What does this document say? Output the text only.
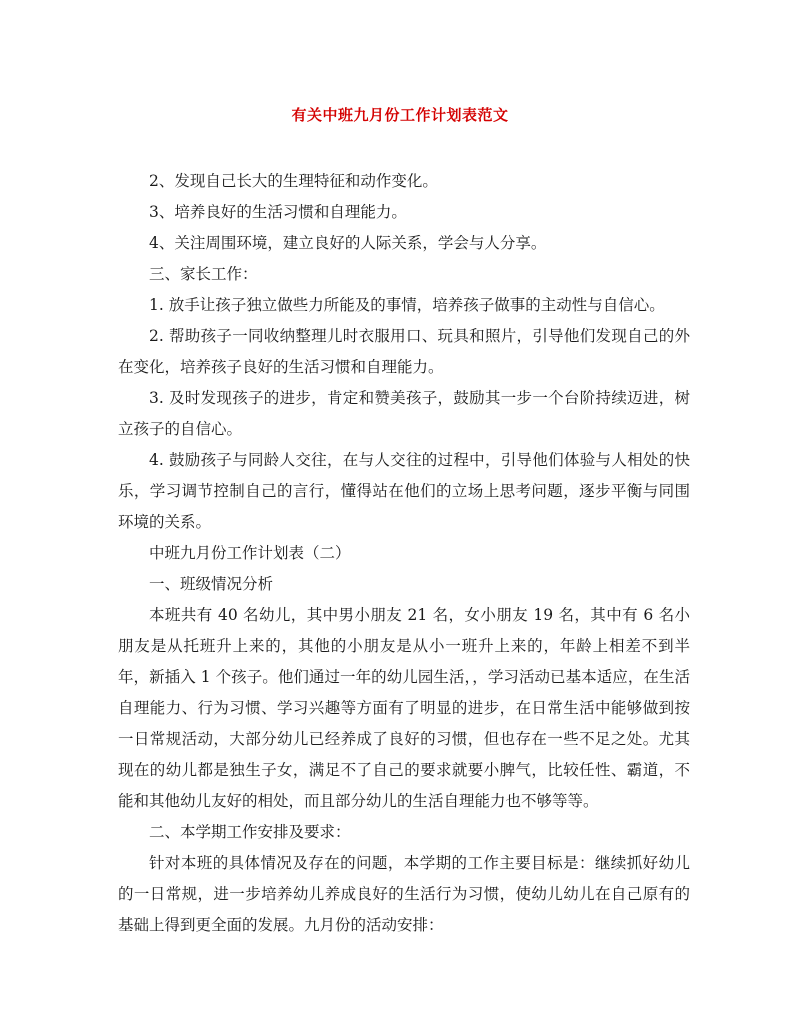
有关中班九月份工作计划表范文

2、发现自己长大的生理特征和动作变化。

3、培养良好的生活习惯和自理能力。

4、关注周围环境，建立良好的人际关系，学会与人分享。

三、家长工作：

1. 放手让孩子独立做些力所能及的事情，培养孩子做事的主动性与自信心。

2. 帮助孩子一同收纳整理儿时衣服用口、玩具和照片，引导他们发现自己的外在变化，培养孩子良好的生活习惯和自理能力。

3. 及时发现孩子的进步，肯定和赞美孩子，鼓励其一步一个台阶持续迈进，树 立孩子的自信心。

4. 鼓励孩子与同龄人交往，在与人交往的过程中，引导他们体验与人相处的快乐，学习调节控制自己的言行，懂得站在他们的立场上思考问题，逐步平衡与同围环境的关系。

中班九月份工作计划表（二）

一、班级情况分析

本班共有 40 名幼儿，其中男小朋友 21 名，女小朋友 19 名，其中有 6 名小朋友是从托班升上来的，其他的小朋友是从小一班升上来的，年龄上相差不到半年，新插入 1 个孩子。他们通过一年的幼儿园生活，，学习活动已基本适应，在生活自理能力、行为习惯、学习兴趣等方面有了明显的进步，在日常生活中能够做到按一日常规活动，大部分幼儿已经养成了良好的习惯，但也存在一些不足之处。尤其现在的幼儿都是独生子女，满足不了自己的要求就要小脾气，比较任性、霸道，不能和其他幼儿友好的相处，而且部分幼儿的生活自理能力也不够等等。

二、本学期工作安排及要求：

针对本班的具体情况及存在的问题，本学期的工作主要目标是：继续抓好幼儿的一日常规，进一步培养幼儿养成良好的生活行为习惯，使幼儿幼儿在自己原有的基础上得到更全面的发展。九月份的活动安排：
